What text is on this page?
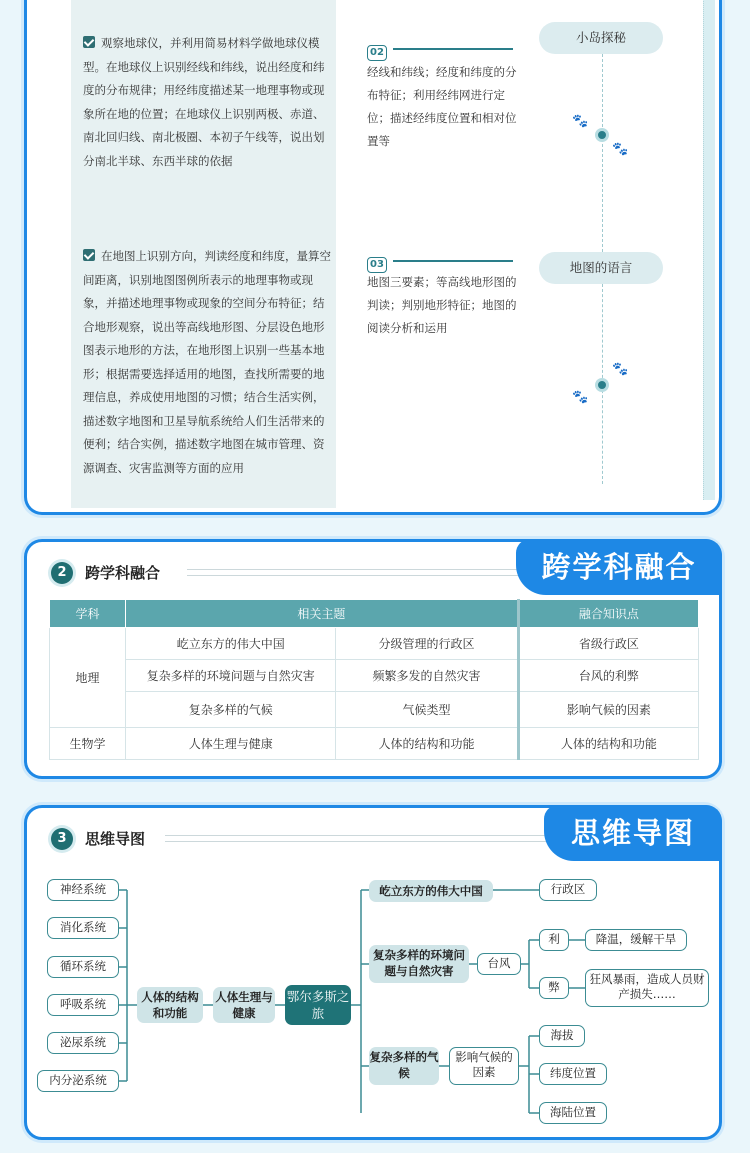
观察地球仪，并利用简易材料学做地球仪模型。在地球仪上识别经线和纬线，说出经度和纬度的分布规律；用经纬度描述某一地理事物或现象所在地的位置；在地球仪上识别两极、赤道、南北回归线、南北极圈、本初子午线等，说出划分南北半球、东西半球的依据
02
经线和纬线；经度和纬度的分布特征；利用经纬网进行定位；描述经纬度位置和相对位置等
小岛探秘
在地图上识别方向，判读经度和纬度，量算空间距离，识别地图图例所表示的地理事物或现象，并描述地理事物或现象的空间分布特征；结合地形观察，说出等高线地形图、分层设色地形图表示地形的方法，在地形图上识别一些基本地形；根据需要选择适用的地图，查找所需要的地理信息，养成使用地图的习惯；结合生活实例，描述数字地图和卫星导航系统给人们生活带来的便利；结合实例，描述数字地图在城市管理、资源调查、灾害监测等方面的应用
03
地图三要素；等高线地形图的判读；判别地形特征；地图的阅读分析和运用
地图的语言
🐾
🐾
🐾
🐾
2	跨学科融合	跨学科融合
学科	相关主题		融合知识点
地理	屹立东方的伟大中国	分级管理的行政区	省级行政区
	复杂多样的环境问题与自然灾害	频繁多发的自然灾害	台风的利弊
	复杂多样的气候	气候类型	影响气候的因素
生物学	人体生理与健康	人体的结构和功能	人体的结构和功能
3	思维导图	思维导图
神经系统
消化系统
循环系统
呼吸系统
泌尿系统
内分泌系统
人体的结构和功能
人体生理与健康
鄂尔多斯之旅
屹立东方的伟大中国	行政区
复杂多样的环境问题与自然灾害
台风
利	降温，缓解干旱
弊
狂风暴雨，造成人员财产损失……
复杂多样的气候
影响气候的因素
海拔
纬度位置
海陆位置
